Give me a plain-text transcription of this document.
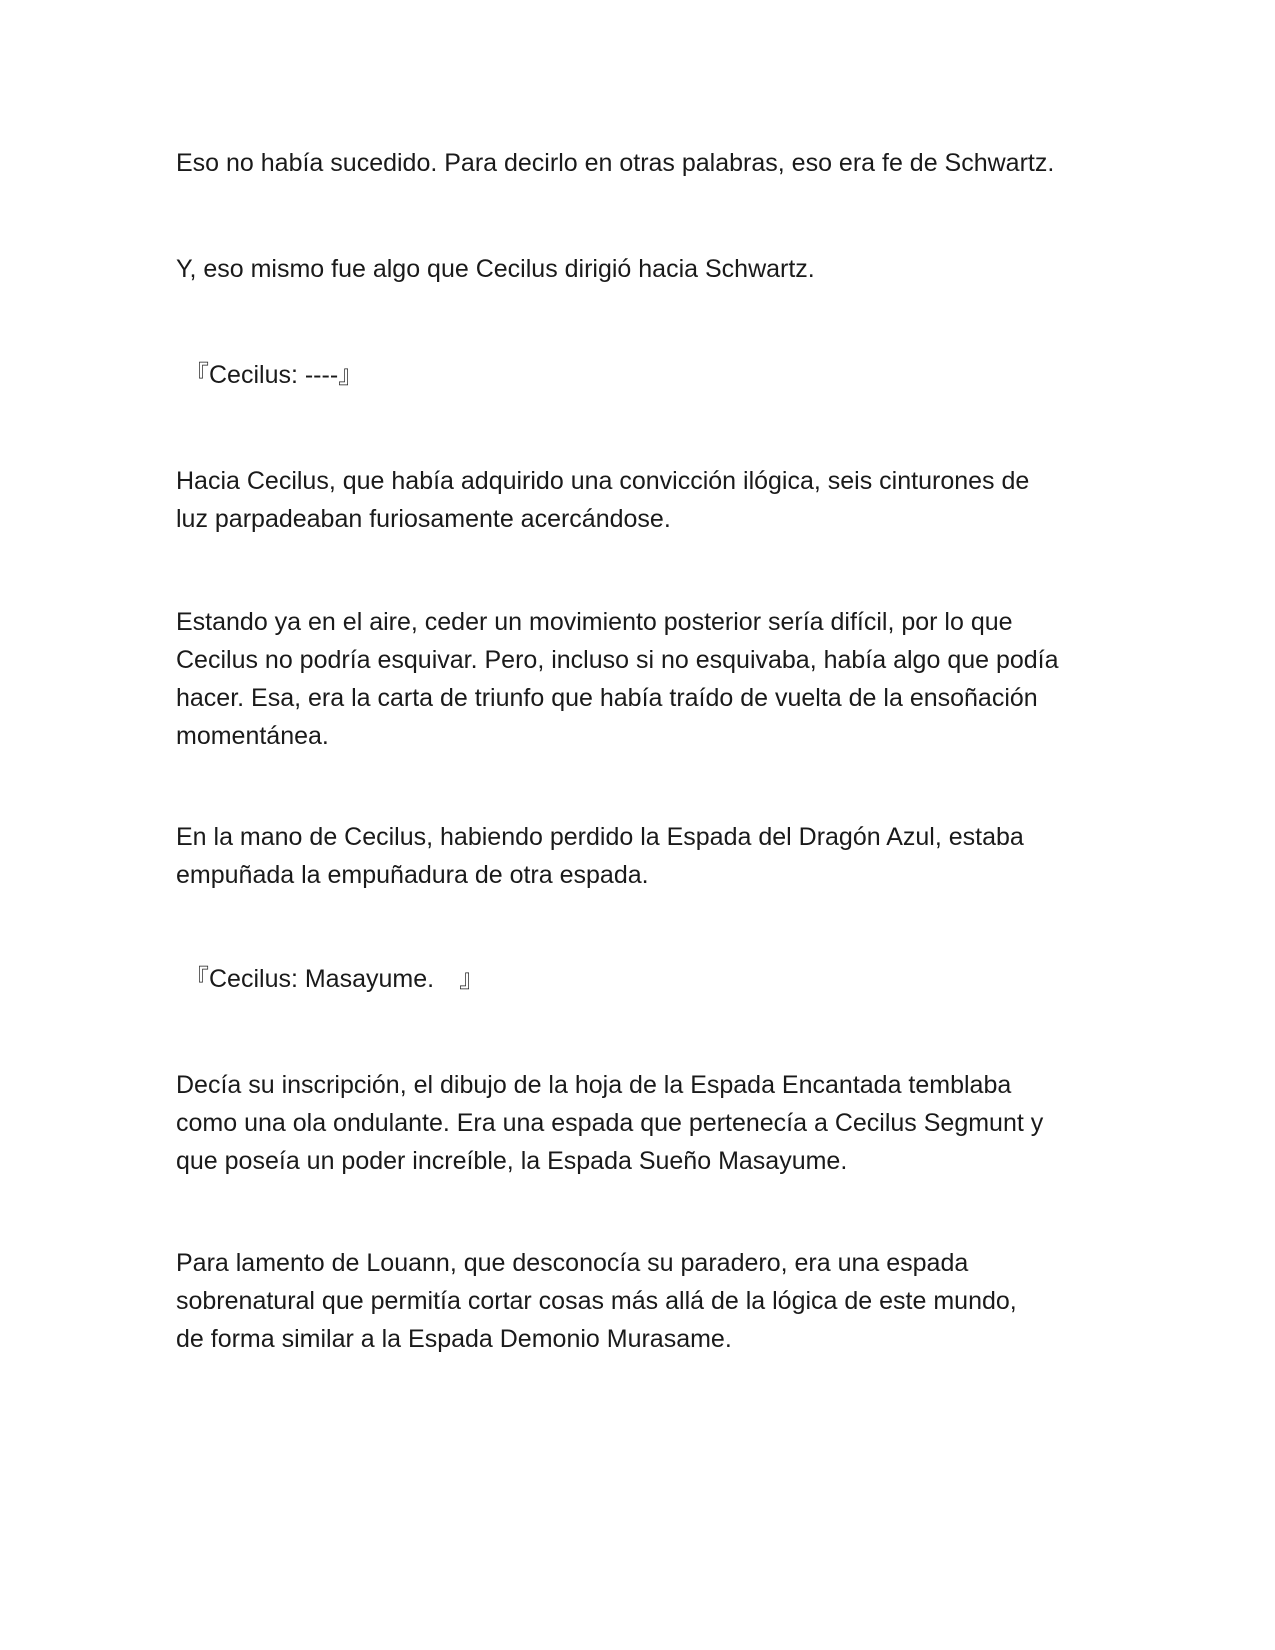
Eso no había sucedido. Para decirlo en otras palabras, eso era fe de Schwartz.

Y, eso mismo fue algo que Cecilus dirigió hacia Schwartz.

『Cecilus: ----』

Hacia Cecilus, que había adquirido una convicción ilógica, seis cinturones de
luz parpadeaban furiosamente acercándose.

Estando ya en el aire, ceder un movimiento posterior sería difícil, por lo que
Cecilus no podría esquivar. Pero, incluso si no esquivaba, había algo que podía
hacer. Esa, era la carta de triunfo que había traído de vuelta de la ensoñación
momentánea.

En la mano de Cecilus, habiendo perdido la Espada del Dragón Azul, estaba
empuñada la empuñadura de otra espada.

『Cecilus: Masayume.　』

Decía su inscripción, el dibujo de la hoja de la Espada Encantada temblaba
como una ola ondulante. Era una espada que pertenecía a Cecilus Segmunt y
que poseía un poder increíble, la Espada Sueño Masayume.

Para lamento de Louann, que desconocía su paradero, era una espada
sobrenatural que permitía cortar cosas más allá de la lógica de este mundo,
de forma similar a la Espada Demonio Murasame.
